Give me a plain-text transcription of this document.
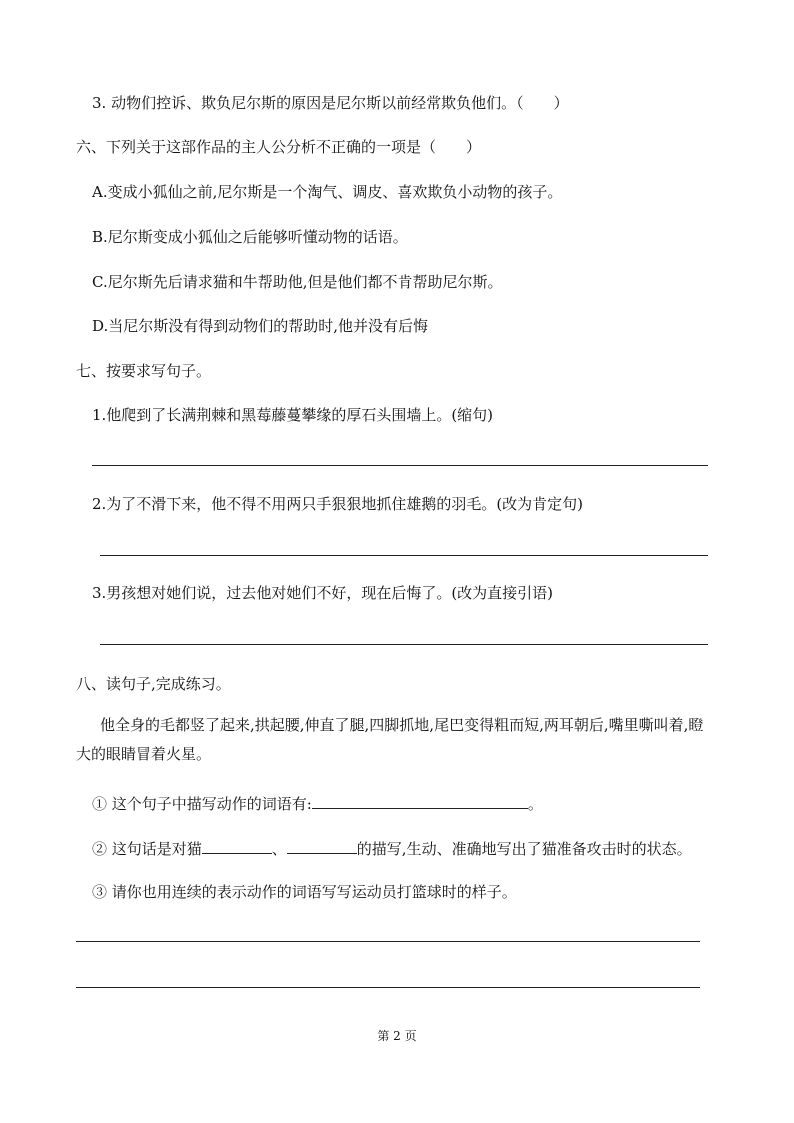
3. 动物们控诉、欺负尼尔斯的原因是尼尔斯以前经常欺负他们。（ ）
六、下列关于这部作品的主人公分析不正确的一项是（ ）
A.变成小狐仙之前,尼尔斯是一个淘气、调皮、喜欢欺负小动物的孩子。
B.尼尔斯变成小狐仙之后能够听懂动物的话语。
C.尼尔斯先后请求猫和牛帮助他,但是他们都不肯帮助尼尔斯。
D.当尼尔斯没有得到动物们的帮助时,他并没有后悔
七、按要求写句子。
1.他爬到了长满荆棘和黑莓藤蔓攀缘的厚石头围墙上。(缩句)
2.为了不滑下来，他不得不用两只手狠狠地抓住雄鹅的羽毛。(改为肯定句)
3.男孩想对她们说，过去他对她们不好，现在后悔了。(改为直接引语)
八、读句子,完成练习。
他全身的毛都竖了起来,拱起腰,伸直了腿,四脚抓地,尾巴变得粗而短,两耳朝后,嘴里嘶叫着,瞪大的眼睛冒着火星。
① 这个句子中描写动作的词语有:	。
② 这句话是对猫	、	的描写,生动、准确地写出了猫准备攻击时的状态。
③ 请你也用连续的表示动作的词语写写运动员打篮球时的样子。
第 2 页
